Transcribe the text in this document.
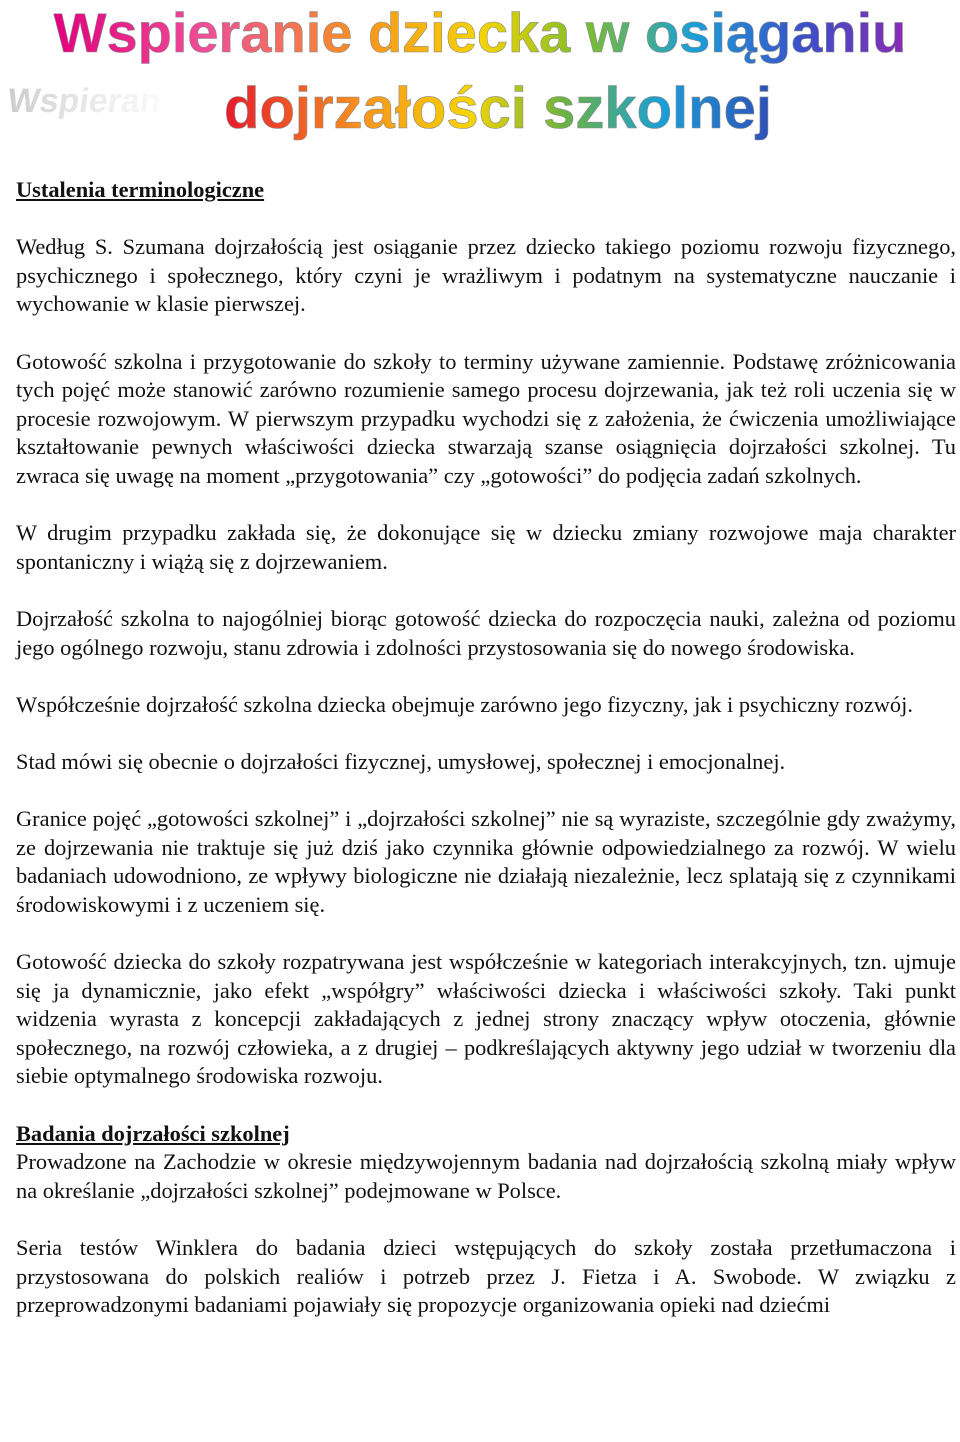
Wspieran
Wspieranie dziecka w osiąganiu
dojrzałości szkolnej
Ustalenia terminologiczne

Według S. Szumana dojrzałością jest osiąganie przez dziecko takiego poziomu rozwoju fizycznego, psychicznego i społecznego, który czyni je wrażliwym i podatnym na systematyczne nauczanie i wychowanie w klasie pierwszej.

Gotowość szkolna i przygotowanie do szkoły to terminy używane zamiennie. Podstawę zróżnicowania tych pojęć może stanowić zarówno rozumienie samego procesu dojrzewania, jak też roli uczenia się w procesie rozwojowym. W pierwszym przypadku wychodzi się z założenia, że ćwiczenia umożliwiające kształtowanie pewnych właściwości dziecka stwarzają szanse osiągnięcia dojrzałości szkolnej. Tu zwraca się uwagę na moment „przygotowania” czy „gotowości” do podjęcia zadań szkolnych.

W drugim przypadku zakłada się, że dokonujące się w dziecku zmiany rozwojowe maja charakter
spontaniczny i wiążą się z dojrzewaniem.

Dojrzałość szkolna to najogólniej biorąc gotowość dziecka do rozpoczęcia nauki, zależna od poziomu jego ogólnego rozwoju, stanu zdrowia i zdolności przystosowania się do nowego środowiska.

Współcześnie dojrzałość szkolna dziecka obejmuje zarówno jego fizyczny, jak i psychiczny rozwój.

Stad mówi się obecnie o dojrzałości fizycznej, umysłowej, społecznej i emocjonalnej.

Granice pojęć „gotowości szkolnej” i „dojrzałości szkolnej” nie są wyraziste, szczególnie gdy zważymy, ze dojrzewania nie traktuje się już dziś jako czynnika głównie odpowiedzialnego za rozwój. W wielu badaniach udowodniono, ze wpływy biologiczne nie działają niezależnie, lecz splatają się z czynnikami środowiskowymi i z uczeniem się.

Gotowość dziecka do szkoły rozpatrywana jest współcześnie w kategoriach interakcyjnych, tzn. ujmuje się ja dynamicznie, jako efekt „współgry” właściwości dziecka i właściwości szkoły. Taki punkt widzenia wyrasta z koncepcji zakładających z jednej strony znaczący wpływ otoczenia, głównie społecznego, na rozwój człowieka, a z drugiej – podkreślających aktywny jego udział w tworzeniu dla siebie optymalnego środowiska rozwoju.

Badania dojrzałości szkolnej

Prowadzone na Zachodzie w okresie międzywojennym badania nad dojrzałością szkolną miały wpływ na określanie „dojrzałości szkolnej” podejmowane w Polsce.

Seria testów Winklera do badania dzieci wstępujących do szkoły została przetłumaczona i przystosowana do polskich realiów i potrzeb przez J. Fietza i A. Swobode. W związku z przeprowadzonymi badaniami pojawiały się propozycje organizowania opieki nad dziećmi
